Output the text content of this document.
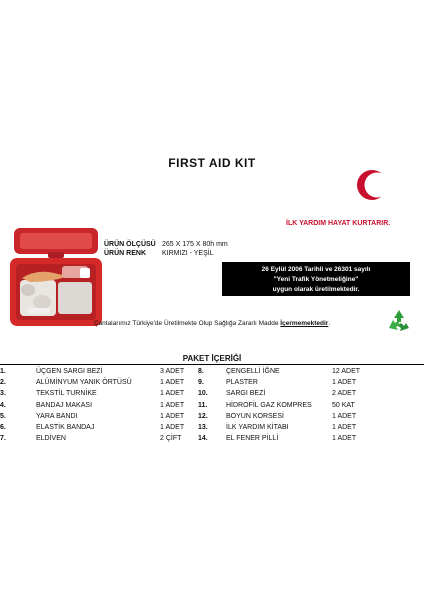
FIRST AID KIT
İLK YARDIM HAYAT KURTARIR.
ÜRÜN RENK KIRMIZI - YEŞİL
ÜRÜN ÖLÇÜSÜ 265 X 175 X 80h mm
26 Eylül 2006 Tarihli ve 26301 sayılı
"Yeni Trafik Yönetmeliğine"
uygun olarak üretilmektedir.
Çantalarımız Türkiye'de Üretilmekte Olup Sağlığa Zararlı Madde İçermemektedir.
PAKET İÇERİĞİ
1.	ÜÇGEN SARGI BEZİ	3 ADET	8.	ÇENGELLİ İĞNE	12 ADET
2.	ALÜMİNYUM YANIK ÖRTÜSÜ	1 ADET	9.	PLASTER	1 ADET
3.	TEKSTİL TURNİKE	1 ADET	10.	SARGI BEZİ	2 ADET
4.	BANDAJ MAKASI	1 ADET	11.	HİDROFİL GAZ KOMPRES	50 KAT
5.	YARA BANDI	1 ADET	12.	BOYUN KORSESİ	1 ADET
6.	ELASTİK BANDAJ	1 ADET	13.	İLK YARDIM KİTABI	1 ADET
7.	ELDİVEN	2 ÇİFT	14.	EL FENER PİLLİ	1 ADET
